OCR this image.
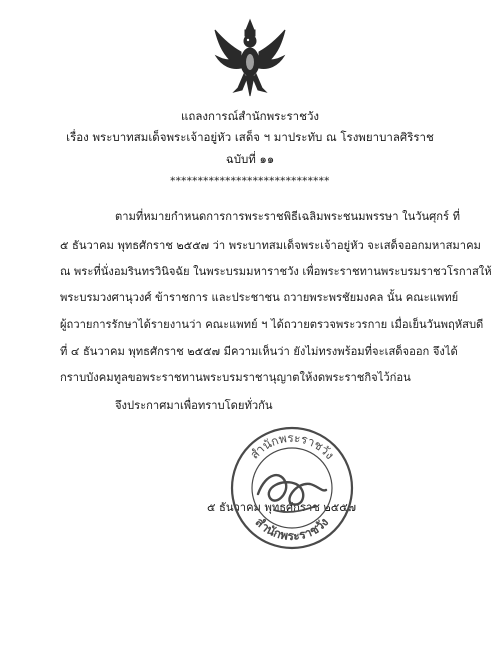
แถลงการณ์สำนักพระราชวัง
เรื่อง พระบาทสมเด็จพระเจ้าอยู่หัว เสด็จ ฯ มาประทับ ณ โรงพยาบาลศิริราช
ฉบับที่ ๑๑
*****************************
ตามที่หมายกำหนดการการพระราชพิธีเฉลิมพระชนมพรรษา ในวันศุกร์ ที่
๕ ธันวาคม พุทธศักราช ๒๕๕๗ ว่า พระบาทสมเด็จพระเจ้าอยู่หัว จะเสด็จออกมหาสมาคม
ณ พระที่นั่งอมรินทรวินิจฉัย ในพระบรมมหาราชวัง เพื่อพระราชทานพระบรมราชวโรกาสให้
พระบรมวงศานุวงศ์ ข้าราชการ และประชาชน ถวายพระพรชัยมงคล นั้น คณะแพทย์
ผู้ถวายการรักษาได้รายงานว่า คณะแพทย์ ฯ ได้ถวายตรวจพระวรกาย เมื่อเย็นวันพฤหัสบดี
ที่ ๔ ธันวาคม พุทธศักราช ๒๕๕๗ มีความเห็นว่า ยังไม่ทรงพร้อมที่จะเสด็จออก จึงได้
กราบบังคมทูลขอพระราชทานพระบรมราชานุญาตให้งดพระราชกิจไว้ก่อน
จึงประกาศมาเพื่อทราบโดยทั่วกัน
๕ ธันวาคม พุทธศักราช ๒๕๕๗
สำนักพระราชวัง
สำนักพระราชวัง
